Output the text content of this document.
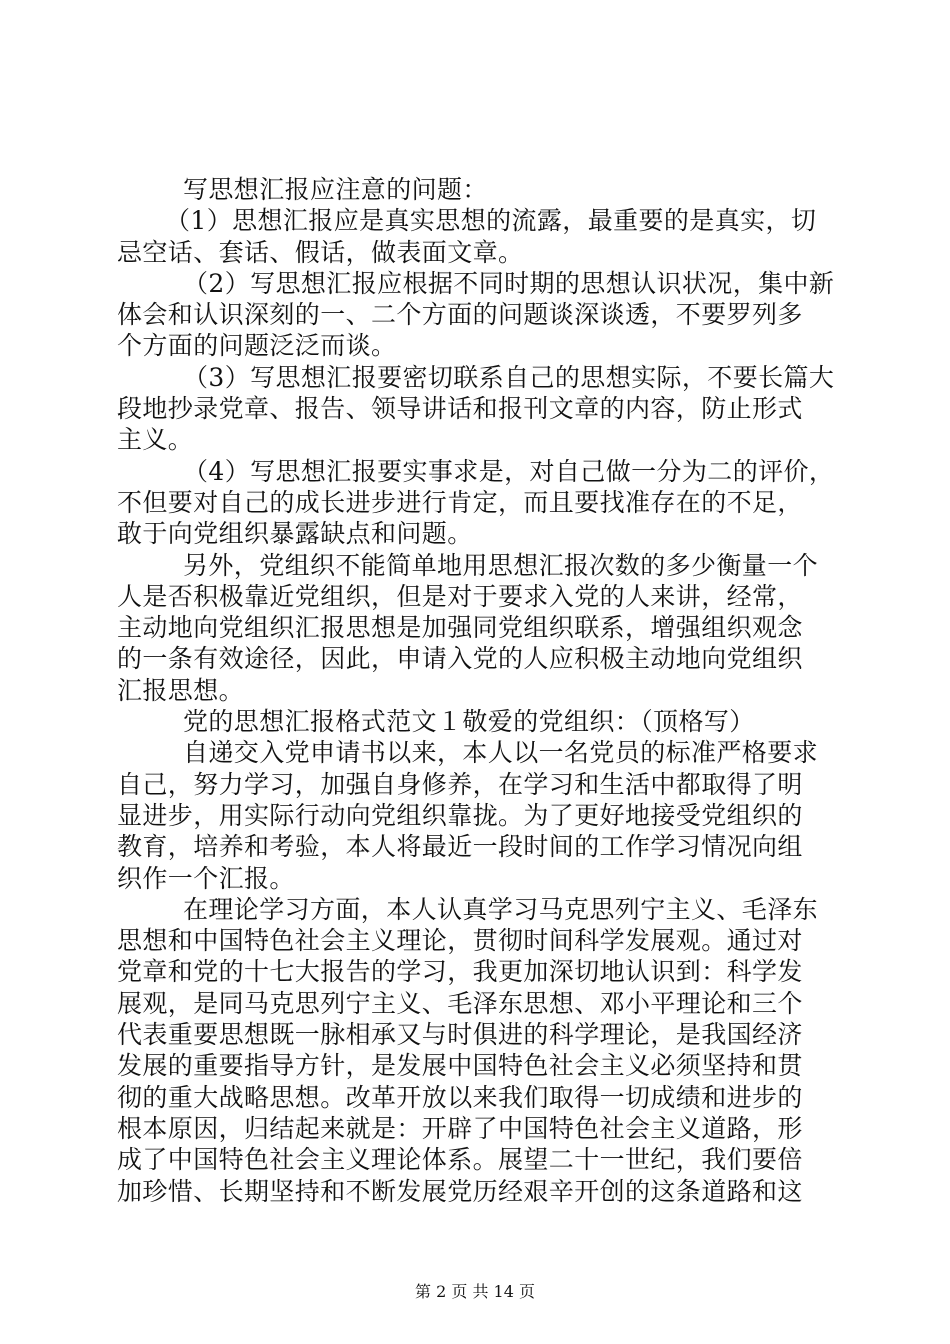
写思想汇报应注意的问题：
（1）思想汇报应是真实思想的流露，最重要的是真实，切
忌空话、套话、假话，做表面文章。
（2）写思想汇报应根据不同时期的思想认识状况，集中新
体会和认识深刻的一、二个方面的问题谈深谈透，不要罗列多
个方面的问题泛泛而谈。
（3）写思想汇报要密切联系自己的思想实际，不要长篇大
段地抄录党章、报告、领导讲话和报刊文章的内容，防止形式
主义。
（4）写思想汇报要实事求是，对自己做一分为二的评价，
不但要对自己的成长进步进行肯定，而且要找准存在的不足，
敢于向党组织暴露缺点和问题。
另外，党组织不能简单地用思想汇报次数的多少衡量一个
人是否积极靠近党组织，但是对于要求入党的人来讲，经常，
主动地向党组织汇报思想是加强同党组织联系，增强组织观念
的一条有效途径，因此，申请入党的人应积极主动地向党组织
汇报思想。
党的思想汇报格式范文１敬爱的党组织：（顶格写）
自递交入党申请书以来，本人以一名党员的标准严格要求
自己，努力学习，加强自身修养，在学习和生活中都取得了明
显进步，用实际行动向党组织靠拢。为了更好地接受党组织的
教育，培养和考验，本人将最近一段时间的工作学习情况向组
织作一个汇报。
在理论学习方面，本人认真学习马克思列宁主义、毛泽东
思想和中国特色社会主义理论，贯彻时间科学发展观。通过对
党章和党的十七大报告的学习，我更加深切地认识到：科学发
展观，是同马克思列宁主义、毛泽东思想、邓小平理论和三个
代表重要思想既一脉相承又与时俱进的科学理论，是我国经济
发展的重要指导方针，是发展中国特色社会主义必须坚持和贯
彻的重大战略思想。改革开放以来我们取得一切成绩和进步的
根本原因，归结起来就是：开辟了中国特色社会主义道路，形
成了中国特色社会主义理论体系。展望二十一世纪，我们要倍
加珍惜、长期坚持和不断发展党历经艰辛开创的这条道路和这
第 2 页 共 14 页
